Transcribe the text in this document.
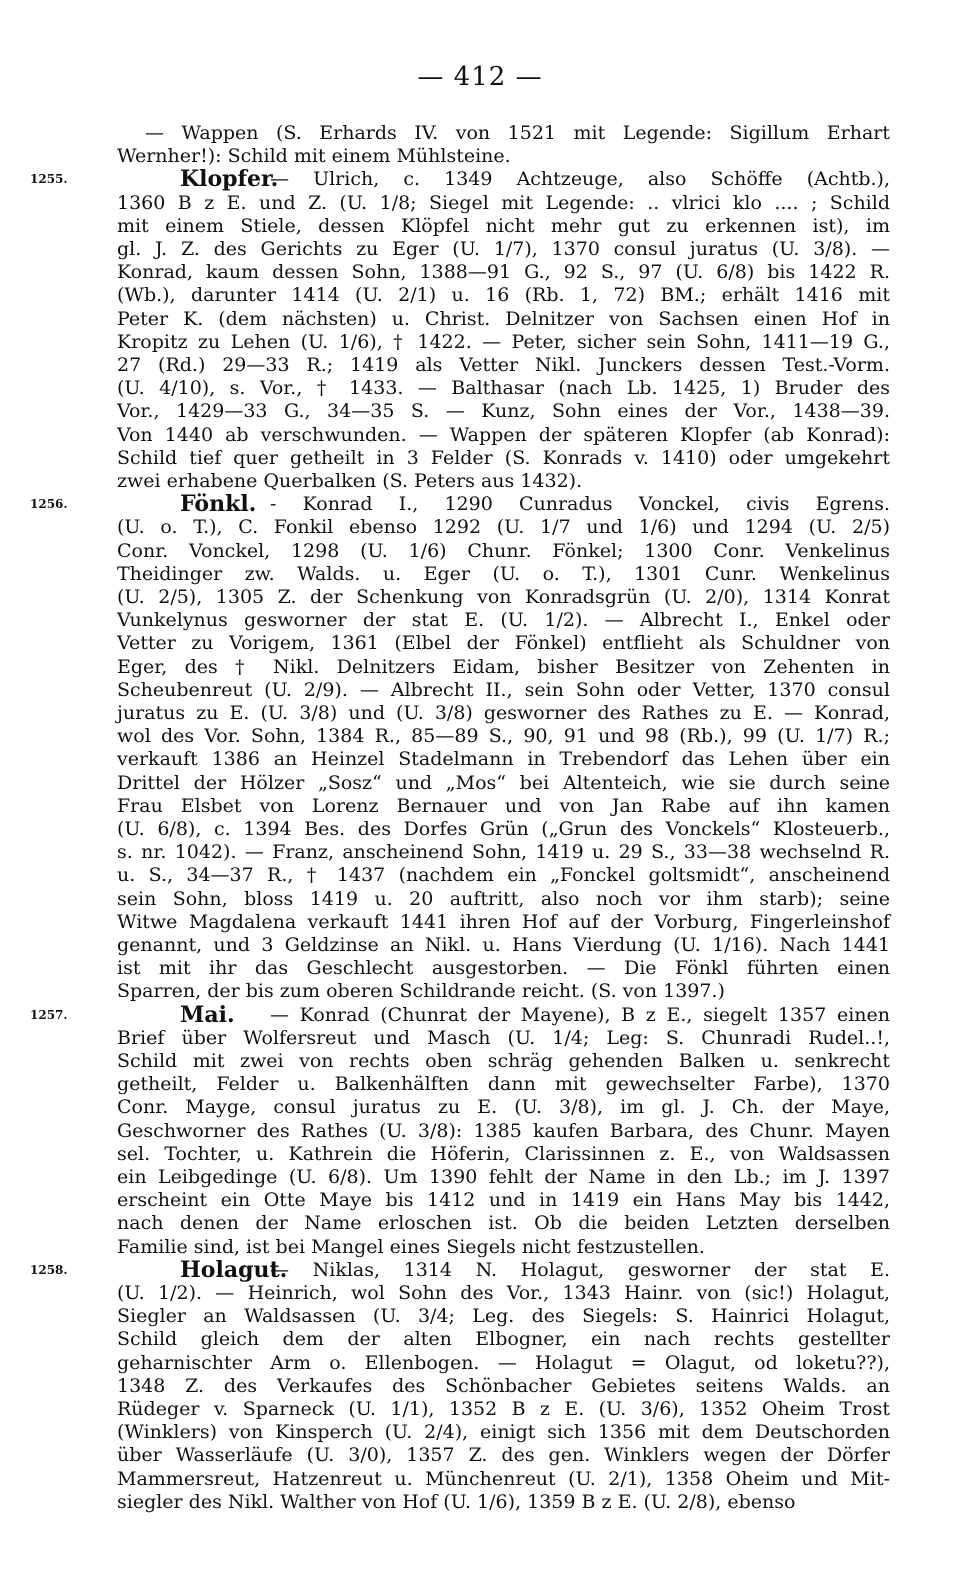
— 412 —
— Wappen (S. Erhards IV. von 1521 mit Legende: Sigillum Erhart
Wernher!): Schild mit einem Mühlsteine.
1255.	Klopfer.
— Ulrich, c. 1349 Achtzeuge, also Schöffe (Achtb.),
1360 B z E. und Z. (U. 1/8; Siegel mit Legende: .. vlrici klo .... ; Schild
mit einem Stiele, dessen Klöpfel nicht mehr gut zu erkennen ist), im
gl. J. Z. des Gerichts zu Eger (U. 1/7), 1370 consul juratus (U. 3/8). —
Konrad, kaum dessen Sohn, 1388—91 G., 92 S., 97 (U. 6/8) bis 1422 R.
(Wb.), darunter 1414 (U. 2/1) u. 16 (Rb. 1, 72) BM.; erhält 1416 mit
Peter K. (dem nächsten) u. Christ. Delnitzer von Sachsen einen Hof in
Kropitz zu Lehen (U. 1/6), † 1422. — Peter, sicher sein Sohn, 1411—19 G.,
27 (Rd.) 29—33 R.; 1419 als Vetter Nikl. Junckers dessen Test.-Vorm.
(U. 4/10), s. Vor., † 1433. — Balthasar (nach Lb. 1425, 1) Bruder des
Vor., 1429—33 G., 34—35 S. — Kunz, Sohn eines der Vor., 1438—39.
Von 1440 ab verschwunden. — Wappen der späteren Klopfer (ab Konrad):
Schild tief quer getheilt in 3 Felder (S. Konrads v. 1410) oder umgekehrt
zwei erhabene Querbalken (S. Peters aus 1432).
1256.	Fönkl. - Konrad I., 1290 Cunradus Vonckel, civis Egrens.
(U. o. T.), C. Fonkil ebenso 1292 (U. 1/7 und 1/6) und 1294 (U. 2/5)
Conr. Vonckel, 1298 (U. 1/6) Chunr. Fönkel; 1300 Conr. Venkelinus
Theidinger zw. Walds. u. Eger (U. o. T.), 1301 Cunr. Wenkelinus
(U. 2/5), 1305 Z. der Schenkung von Konradsgrün (U. 2/0), 1314 Konrat
Vunkelynus gesworner der stat E. (U. 1/2). — Albrecht I., Enkel oder
Vetter zu Vorigem, 1361 (Elbel der Fönkel) entflieht als Schuldner von
Eger, des † Nikl. Delnitzers Eidam, bisher Besitzer von Zehenten in
Scheubenreut (U. 2/9). — Albrecht II., sein Sohn oder Vetter, 1370 consul
juratus zu E. (U. 3/8) und (U. 3/8) gesworner des Rathes zu E. — Konrad,
wol des Vor. Sohn, 1384 R., 85—89 S., 90, 91 und 98 (Rb.), 99 (U. 1/7) R.;
verkauft 1386 an Heinzel Stadelmann in Trebendorf das Lehen über ein
Drittel der Hölzer „Sosz“ und „Mos“ bei Altenteich, wie sie durch seine
Frau Elsbet von Lorenz Bernauer und von Jan Rabe auf ihn kamen
(U. 6/8), c. 1394 Bes. des Dorfes Grün („Grun des Vonckels“ Klosteuerb.,
s. nr. 1042). — Franz, anscheinend Sohn, 1419 u. 29 S., 33—38 wechselnd R.
u. S., 34—37 R., † 1437 (nachdem ein „Fonckel goltsmidt“, anscheinend
sein Sohn, bloss 1419 u. 20 auftritt, also noch vor ihm starb); seine
Witwe Magdalena verkauft 1441 ihren Hof auf der Vorburg, Fingerleinshof
genannt, und 3 Geldzinse an Nikl. u. Hans Vierdung (U. 1/16). Nach 1441
ist mit ihr das Geschlecht ausgestorben. — Die Fönkl führten einen
Sparren, der bis zum oberen Schildrande reicht. (S. von 1397.)
1257.	Mai. — Konrad (Chunrat der Mayene), B z E., siegelt 1357 einen
Brief über Wolfersreut und Masch (U. 1/4; Leg: S. Chunradi Rudel..!,
Schild mit zwei von rechts oben schräg gehenden Balken u. senkrecht
getheilt, Felder u. Balkenhälften dann mit gewechselter Farbe), 1370
Conr. Mayge, consul juratus zu E. (U. 3/8), im gl. J. Ch. der Maye,
Geschworner des Rathes (U. 3/8): 1385 kaufen Barbara, des Chunr. Mayen
sel. Tochter, u. Kathrein die Höferin, Clarissinnen z. E., von Waldsassen
ein Leibgedinge (U. 6/8). Um 1390 fehlt der Name in den Lb.; im J. 1397
erscheint ein Otte Maye bis 1412 und in 1419 ein Hans May bis 1442,
nach denen der Name erloschen ist. Ob die beiden Letzten derselben
Familie sind, ist bei Mangel eines Siegels nicht festzustellen.
1258.	Holagut.
— Niklas, 1314 N. Holagut, gesworner der stat E.
(U. 1/2). — Heinrich, wol Sohn des Vor., 1343 Hainr. von (sic!) Holagut,
Siegler an Waldsassen (U. 3/4; Leg. des Siegels: S. Hainrici Holagut,
Schild gleich dem der alten Elbogner, ein nach rechts gestellter
geharnischter Arm o. Ellenbogen. — Holagut = Olagut, od loketu??),
1348 Z. des Verkaufes des Schönbacher Gebietes seitens Walds. an
Rüdeger v. Sparneck (U. 1/1), 1352 B z E. (U. 3/6), 1352 Oheim Trost
(Winklers) von Kinsperch (U. 2/4), einigt sich 1356 mit dem Deutschorden
über Wasserläufe (U. 3/0), 1357 Z. des gen. Winklers wegen der Dörfer
Mammersreut, Hatzenreut u. Münchenreut (U. 2/1), 1358 Oheim und Mit-
siegler des Nikl. Walther von Hof (U. 1/6), 1359 B z E. (U. 2/8), ebenso
